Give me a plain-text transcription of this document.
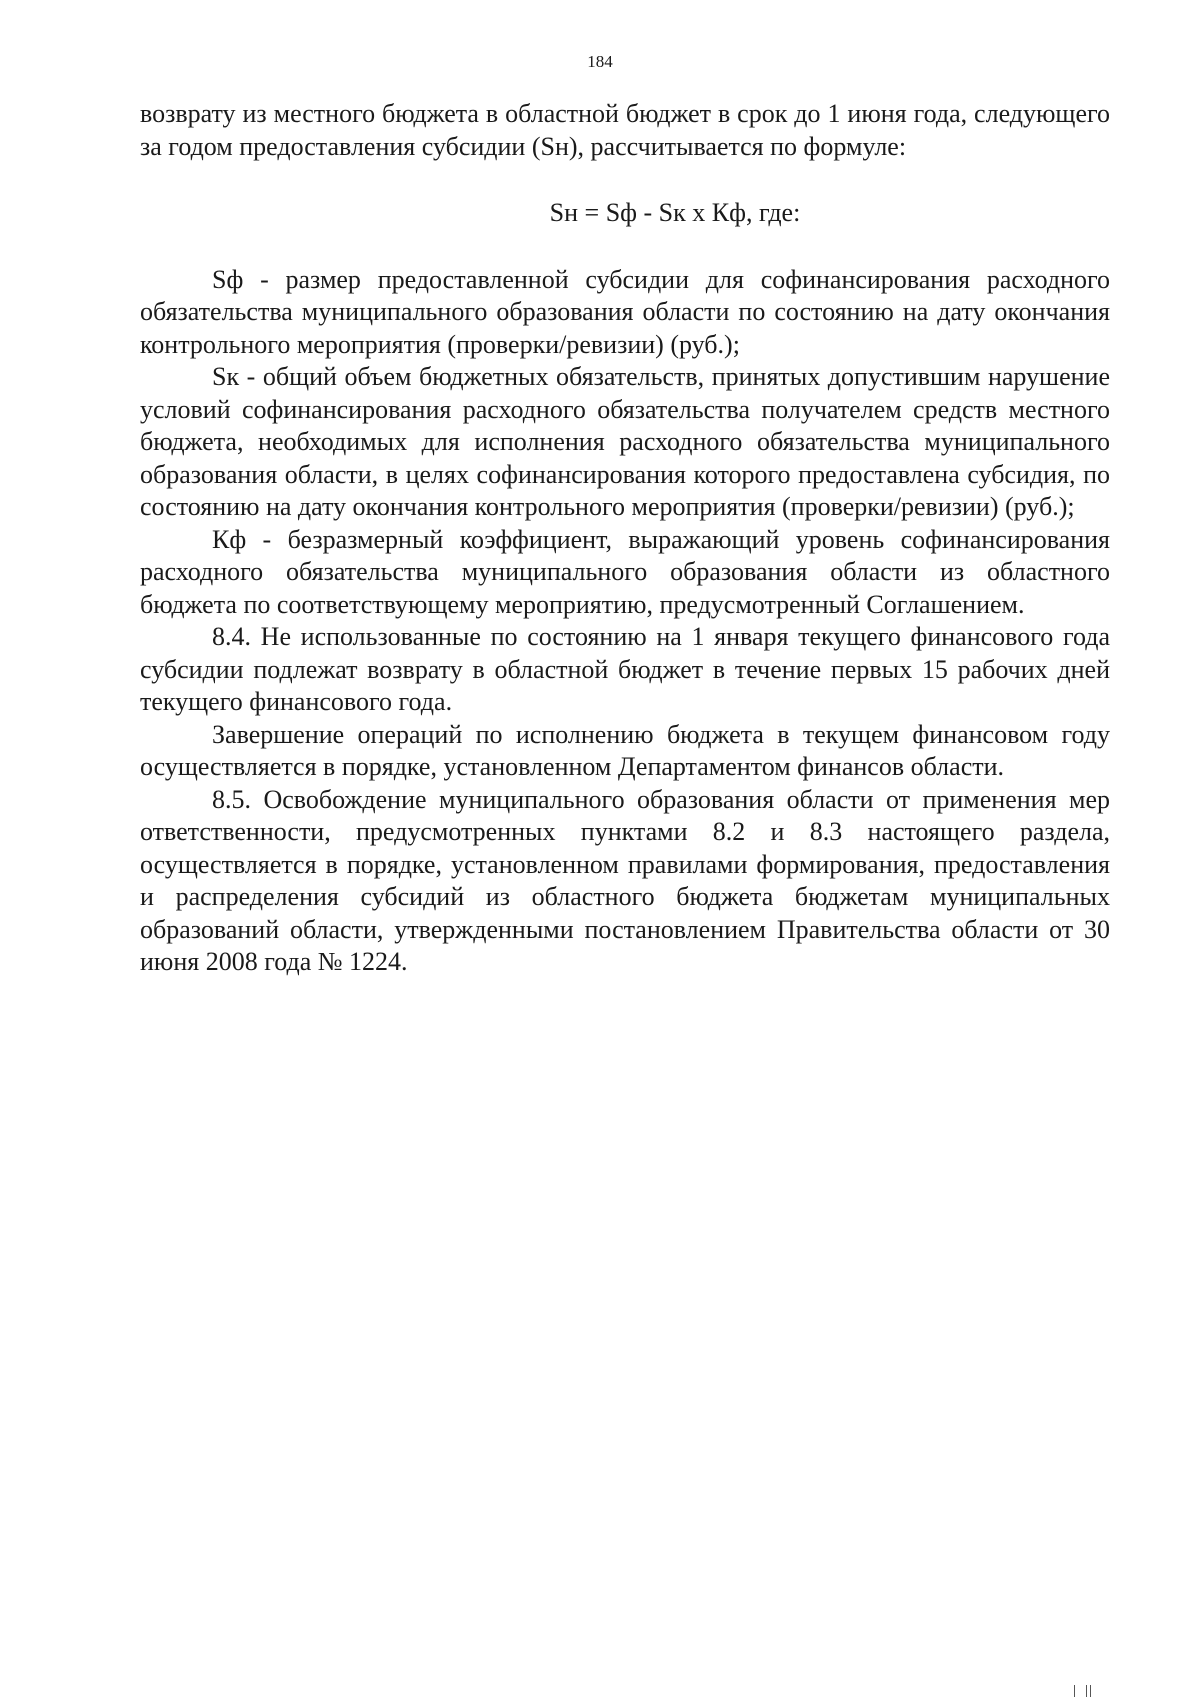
184

возврату из местного бюджета в областной бюджет в срок до 1 июня года, следующего за годом предоставления субсидии (Sн), рассчитывается по формуле:

Sн = Sф - Sк x Кф, где:

Sф - размер предоставленной субсидии для софинансирования расходного обязательства муниципального образования области по состоянию на дату окончания контрольного мероприятия (проверки/ревизии) (руб.);

Sк - общий объем бюджетных обязательств, принятых допустившим нарушение условий софинансирования расходного обязательства получателем средств местного бюджета, необходимых для исполнения расходного обязательства муниципального образования области, в целях софинансирования которого предоставлена субсидия, по состоянию на дату окончания контрольного мероприятия (проверки/ревизии) (руб.);

Кф - безразмерный коэффициент, выражающий уровень софинансирования расходного обязательства муниципального образования области из областного бюджета по соответствующему мероприятию, предусмотренный Соглашением.

8.4. Не использованные по состоянию на 1 января текущего финансового года субсидии подлежат возврату в областной бюджет в течение первых 15 рабочих дней текущего финансового года.

Завершение операций по исполнению бюджета в текущем финансовом году осуществляется в порядке, установленном Департаментом финансов области.

8.5. Освобождение муниципального образования области от применения мер ответственности, предусмотренных пунктами 8.2 и 8.3 настоящего раздела, осуществляется в порядке, установленном правилами формирования, предоставления и распределения субсидий из областного бюджета бюджетам муниципальных образований области, утвержденными постановлением Правительства области от 30 июня 2008 года № 1224.
